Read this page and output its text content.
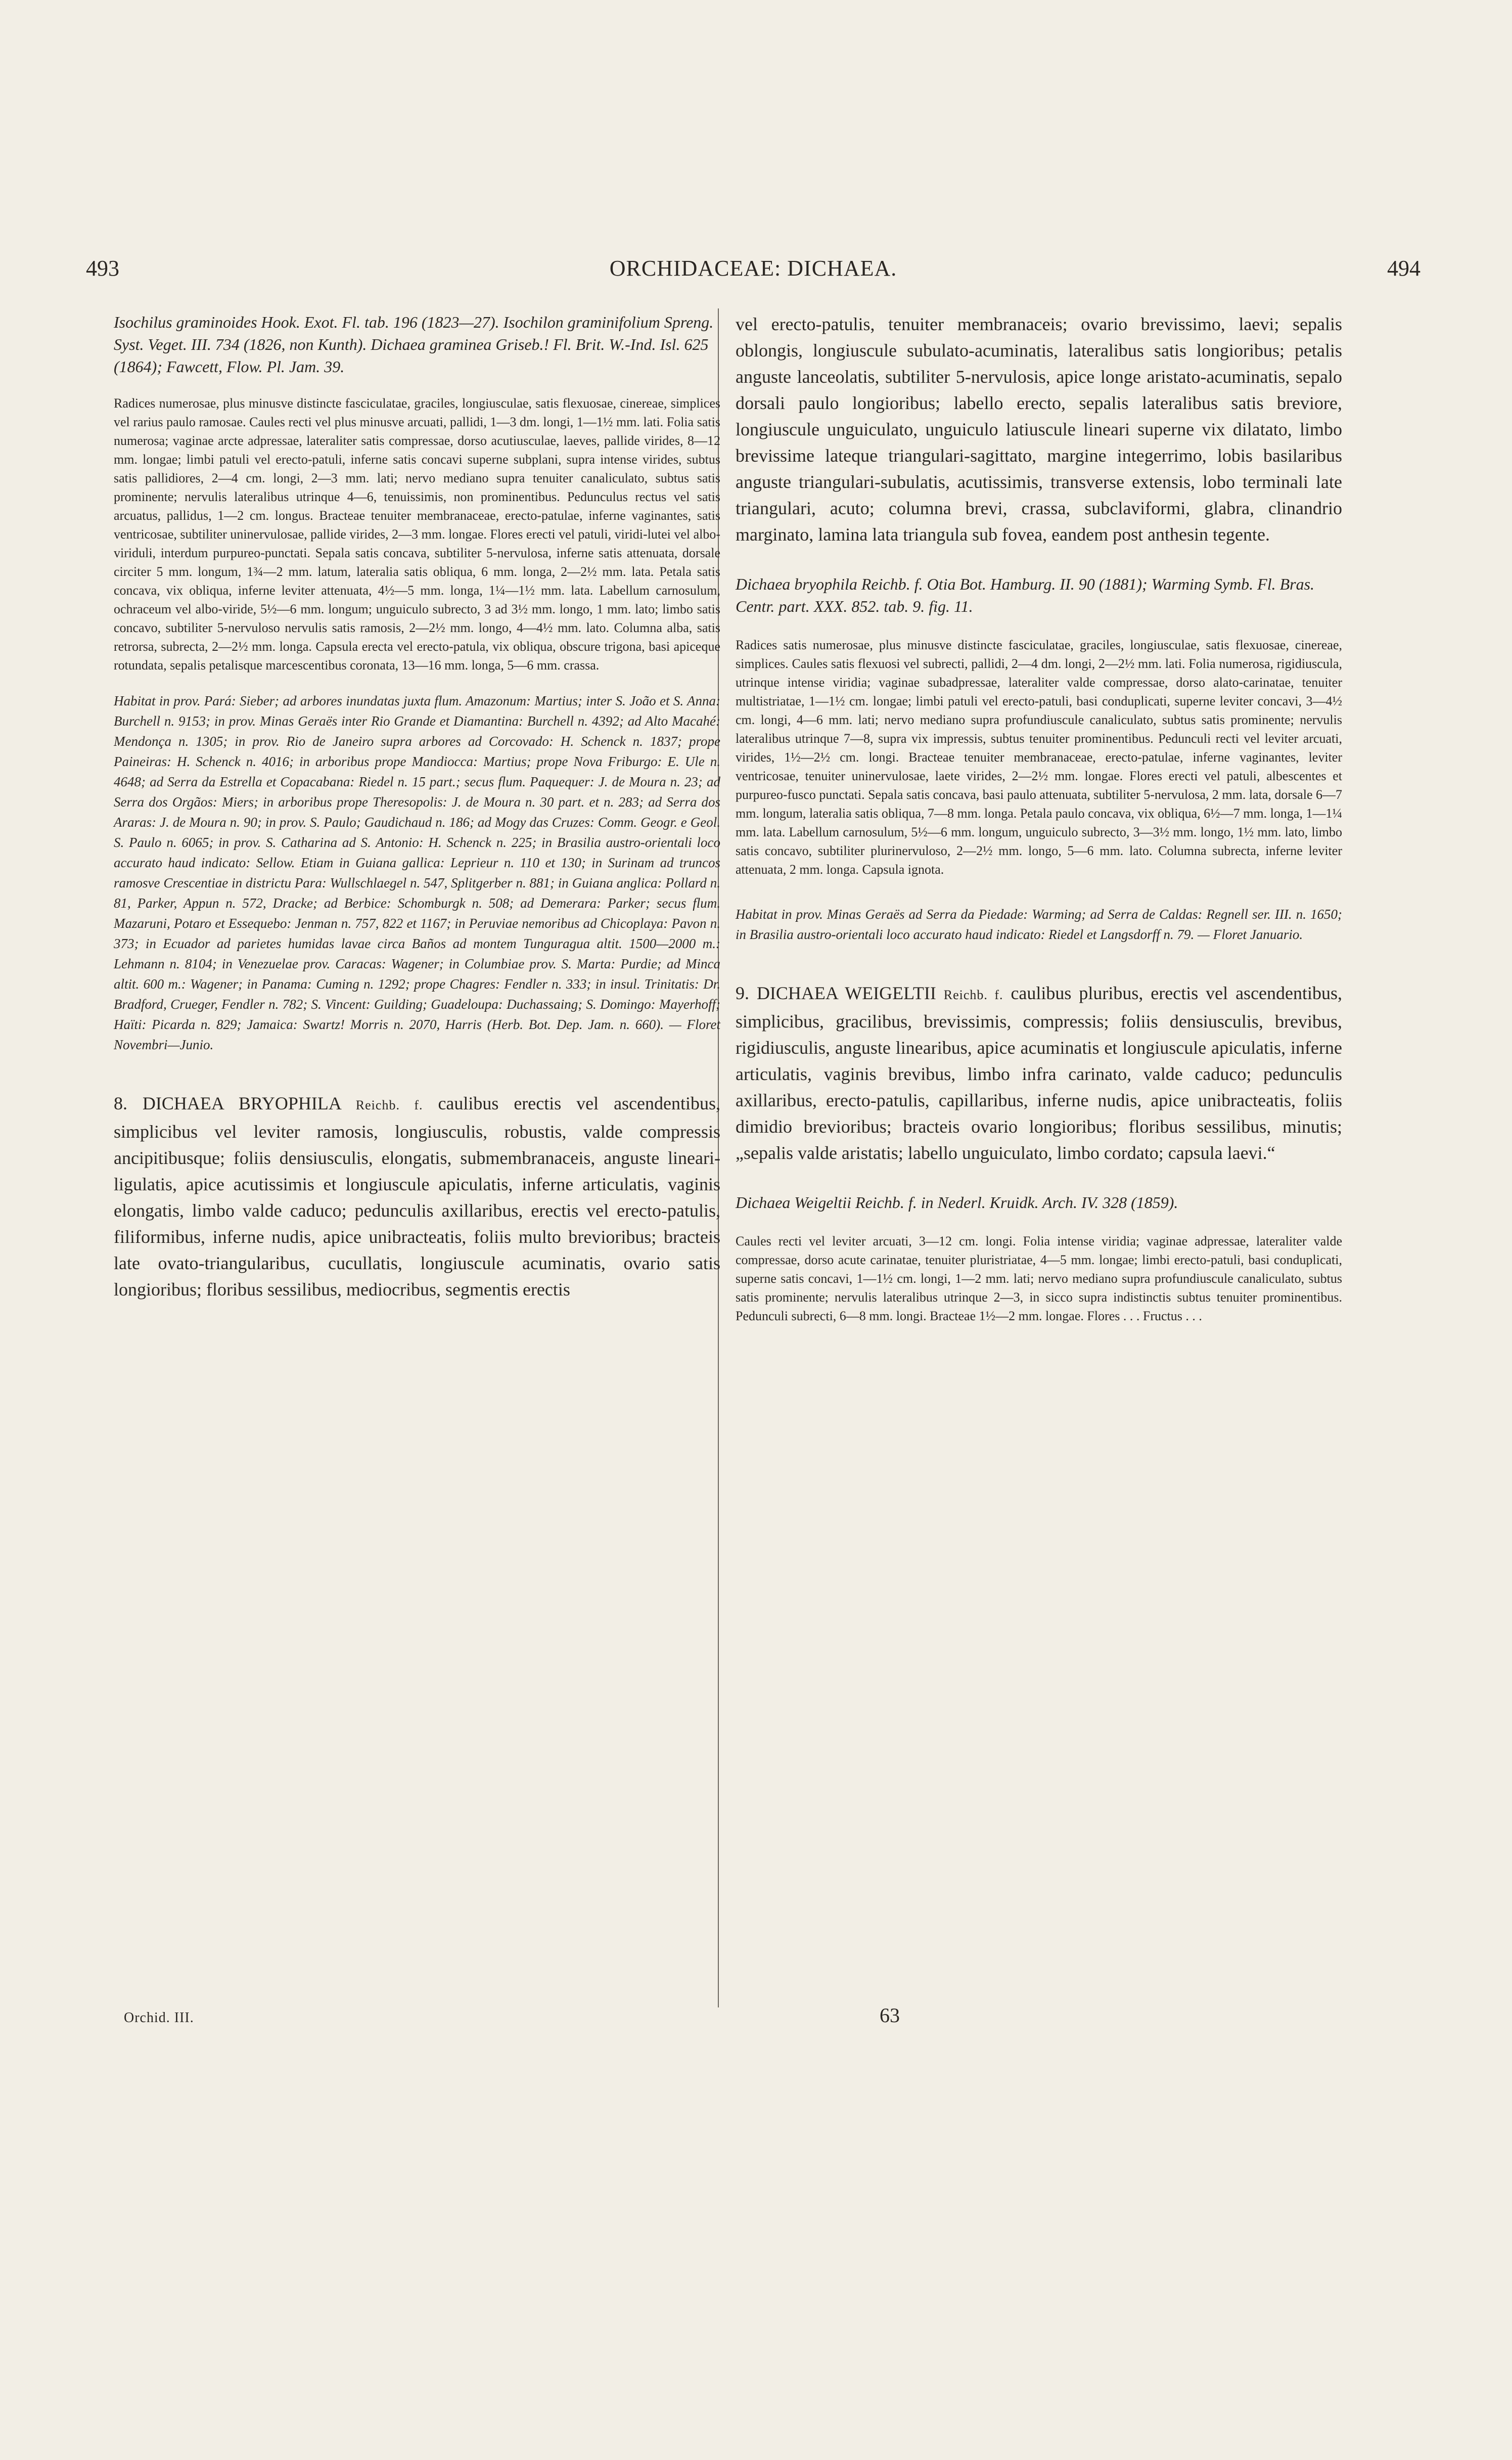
493	ORCHIDACEAE: DICHAEA.	494

Isochilus graminoides Hook. Exot. Fl. tab. 196 (1823—27). Isochilon graminifolium Spreng. Syst. Veget. III. 734 (1826, non Kunth). Dichaea graminea Griseb.! Fl. Brit. W.-Ind. Isl. 625 (1864); Fawcett, Flow. Pl. Jam. 39.

Radices numerosae, plus minusve distincte fasciculatae, graciles, longiusculae, satis flexuosae, cinereae, simplices vel rarius paulo ramosae. Caules recti vel plus minusve arcuati, pallidi, 1—3 dm. longi, 1—1½ mm. lati. Folia satis numerosa; vaginae arcte adpressae, lateraliter satis compressae, dorso acutiusculae, laeves, pallide virides, 8—12 mm. longae; limbi patuli vel erecto-patuli, inferne satis concavi superne subplani, supra intense virides, subtus satis pallidiores, 2—4 cm. longi, 2—3 mm. lati; nervo mediano supra tenuiter canaliculato, subtus satis prominente; nervulis lateralibus utrinque 4—6, tenuissimis, non prominentibus. Pedunculus rectus vel satis arcuatus, pallidus, 1—2 cm. longus. Bracteae tenuiter membranaceae, erecto-patulae, inferne vaginantes, satis ventricosae, subtiliter uninervulosae, pallide virides, 2—3 mm. longae. Flores erecti vel patuli, viridi-lutei vel albo-viriduli, interdum purpureo-punctati. Sepala satis concava, subtiliter 5-nervulosa, inferne satis attenuata, dorsale circiter 5 mm. longum, 1¾—2 mm. latum, lateralia satis obliqua, 6 mm. longa, 2—2½ mm. lata. Petala satis concava, vix obliqua, inferne leviter attenuata, 4½—5 mm. longa, 1¼—1½ mm. lata. Labellum carnosulum, ochraceum vel albo-viride, 5½—6 mm. longum; unguiculo subrecto, 3 ad 3½ mm. longo, 1 mm. lato; limbo satis concavo, subtiliter 5-nervuloso nervulis satis ramosis, 2—2½ mm. longo, 4—4½ mm. lato. Columna alba, satis retrorsa, subrecta, 2—2½ mm. longa. Capsula erecta vel erecto-patula, vix obliqua, obscure trigona, basi apiceque rotundata, sepalis petalisque marcescentibus coronata, 13—16 mm. longa, 5—6 mm. crassa.

Habitat in prov. Pará: Sieber; ad arbores inundatas juxta flum. Amazonum: Martius; inter S. João et S. Anna: Burchell n. 9153; in prov. Minas Geraës inter Rio Grande et Diamantina: Burchell n. 4392; ad Alto Macahé: Mendonça n. 1305; in prov. Rio de Janeiro supra arbores ad Corcovado: H. Schenck n. 1837; prope Paineiras: H. Schenck n. 4016; in arboribus prope Mandiocca: Martius; prope Nova Friburgo: E. Ule n. 4648; ad Serra da Estrella et Copacabana: Riedel n. 15 part.; secus flum. Paquequer: J. de Moura n. 23; ad Serra dos Orgãos: Miers; in arboribus prope Theresopolis: J. de Moura n. 30 part. et n. 283; ad Serra dos Araras: J. de Moura n. 90; in prov. S. Paulo; Gaudichaud n. 186; ad Mogy das Cruzes: Comm. Geogr. e Geol. S. Paulo n. 6065; in prov. S. Catharina ad S. Antonio: H. Schenck n. 225; in Brasilia austro-orientali loco accurato haud indicato: Sellow. Etiam in Guiana gallica: Leprieur n. 110 et 130; in Surinam ad truncos ramosve Crescentiae in districtu Para: Wullschlaegel n. 547, Splitgerber n. 881; in Guiana anglica: Pollard n. 81, Parker, Appun n. 572, Dracke; ad Berbice: Schomburgk n. 508; ad Demerara: Parker; secus flum. Mazaruni, Potaro et Essequebo: Jenman n. 757, 822 et 1167; in Peruviae nemoribus ad Chicoplaya: Pavon n. 373; in Ecuador ad parietes humidas lavae circa Baños ad montem Tunguragua altit. 1500—2000 m.: Lehmann n. 8104; in Venezuelae prov. Caracas: Wagener; in Columbiae prov. S. Marta: Purdie; ad Minca altit. 600 m.: Wagener; in Panama: Cuming n. 1292; prope Chagres: Fendler n. 333; in insul. Trinitatis: Dr. Bradford, Crueger, Fendler n. 782; S. Vincent: Guilding; Guadeloupa: Duchassaing; S. Domingo: Mayerhoff; Haïti: Picarda n. 829; Jamaica: Swartz! Morris n. 2070, Harris (Herb. Bot. Dep. Jam. n. 660). — Floret Novembri—Junio.

8. DICHAEA BRYOPHILA Reichb. f. caulibus erectis vel ascendentibus, simplicibus vel leviter ramosis, longiusculis, robustis, valde compressis ancipitibusque; foliis densiusculis, elongatis, submembranaceis, anguste lineari-ligulatis, apice acutissimis et longiuscule apiculatis, inferne articulatis, vaginis elongatis, limbo valde caduco; pedunculis axillaribus, erectis vel erecto-patulis, filiformibus, inferne nudis, apice unibracteatis, foliis multo brevioribus; bracteis late ovato-triangularibus, cucullatis, longiuscule acuminatis, ovario satis longioribus; floribus sessilibus, mediocribus, segmentis erectis

vel erecto-patulis, tenuiter membranaceis; ovario brevissimo, laevi; sepalis oblongis, longiuscule subulato-acuminatis, lateralibus satis longioribus; petalis anguste lanceolatis, subtiliter 5-nervulosis, apice longe aristato-acuminatis, sepalo dorsali paulo longioribus; labello erecto, sepalis lateralibus satis breviore, longiuscule unguiculato, unguiculo latiuscule lineari superne vix dilatato, limbo brevissime lateque triangulari-sagittato, margine integerrimo, lobis basilaribus anguste triangulari-subulatis, acutissimis, transverse extensis, lobo terminali late triangulari, acuto; columna brevi, crassa, subclaviformi, glabra, clinandrio marginato, lamina lata triangula sub fovea, eandem post anthesin tegente.

Dichaea bryophila Reichb. f. Otia Bot. Hamburg. II. 90 (1881); Warming Symb. Fl. Bras. Centr. part. XXX. 852. tab. 9. fig. 11.

Radices satis numerosae, plus minusve distincte fasciculatae, graciles, longiusculae, satis flexuosae, cinereae, simplices. Caules satis flexuosi vel subrecti, pallidi, 2—4 dm. longi, 2—2½ mm. lati. Folia numerosa, rigidiuscula, utrinque intense viridia; vaginae subadpressae, lateraliter valde compressae, dorso alato-carinatae, tenuiter multistriatae, 1—1½ cm. longae; limbi patuli vel erecto-patuli, basi conduplicati, superne leviter concavi, 3—4½ cm. longi, 4—6 mm. lati; nervo mediano supra profundiuscule canaliculato, subtus satis prominente; nervulis lateralibus utrinque 7—8, supra vix impressis, subtus tenuiter prominentibus. Pedunculi recti vel leviter arcuati, virides, 1½—2½ cm. longi. Bracteae tenuiter membranaceae, erecto-patulae, inferne vaginantes, leviter ventricosae, tenuiter uninervulosae, laete virides, 2—2½ mm. longae. Flores erecti vel patuli, albescentes et purpureo-fusco punctati. Sepala satis concava, basi paulo attenuata, subtiliter 5-nervulosa, 2 mm. lata, dorsale 6—7 mm. longum, lateralia satis obliqua, 7—8 mm. longa. Petala paulo concava, vix obliqua, 6½—7 mm. longa, 1—1¼ mm. lata. Labellum carnosulum, 5½—6 mm. longum, unguiculo subrecto, 3—3½ mm. longo, 1½ mm. lato, limbo satis concavo, subtiliter plurinervuloso, 2—2½ mm. longo, 5—6 mm. lato. Columna subrecta, inferne leviter attenuata, 2 mm. longa. Capsula ignota.

Habitat in prov. Minas Geraës ad Serra da Piedade: Warming; ad Serra de Caldas: Regnell ser. III. n. 1650; in Brasilia austro-orientali loco accurato haud indicato: Riedel et Langsdorff n. 79. — Floret Januario.

9. DICHAEA WEIGELTII Reichb. f. caulibus pluribus, erectis vel ascendentibus, simplicibus, gracilibus, brevissimis, compressis; foliis densiusculis, brevibus, rigidiusculis, anguste linearibus, apice acuminatis et longiuscule apiculatis, inferne articulatis, vaginis brevibus, limbo infra carinato, valde caduco; pedunculis axillaribus, erecto-patulis, capillaribus, inferne nudis, apice unibracteatis, foliis dimidio brevioribus; bracteis ovario longioribus; floribus sessilibus, minutis; „sepalis valde aristatis; labello unguiculato, limbo cordato; capsula laevi.“

Dichaea Weigeltii Reichb. f. in Nederl. Kruidk. Arch. IV. 328 (1859).

Caules recti vel leviter arcuati, 3—12 cm. longi. Folia intense viridia; vaginae adpressae, lateraliter valde compressae, dorso acute carinatae, tenuiter pluristriatae, 4—5 mm. longae; limbi erecto-patuli, basi conduplicati, superne satis concavi, 1—1½ cm. longi, 1—2 mm. lati; nervo mediano supra profundiuscule canaliculato, subtus satis prominente; nervulis lateralibus utrinque 2—3, in sicco supra indistinctis subtus tenuiter prominentibus. Pedunculi subrecti, 6—8 mm. longi. Bracteae 1½—2 mm. longae. Flores . . . Fructus . . .

Orchid. III.	63
